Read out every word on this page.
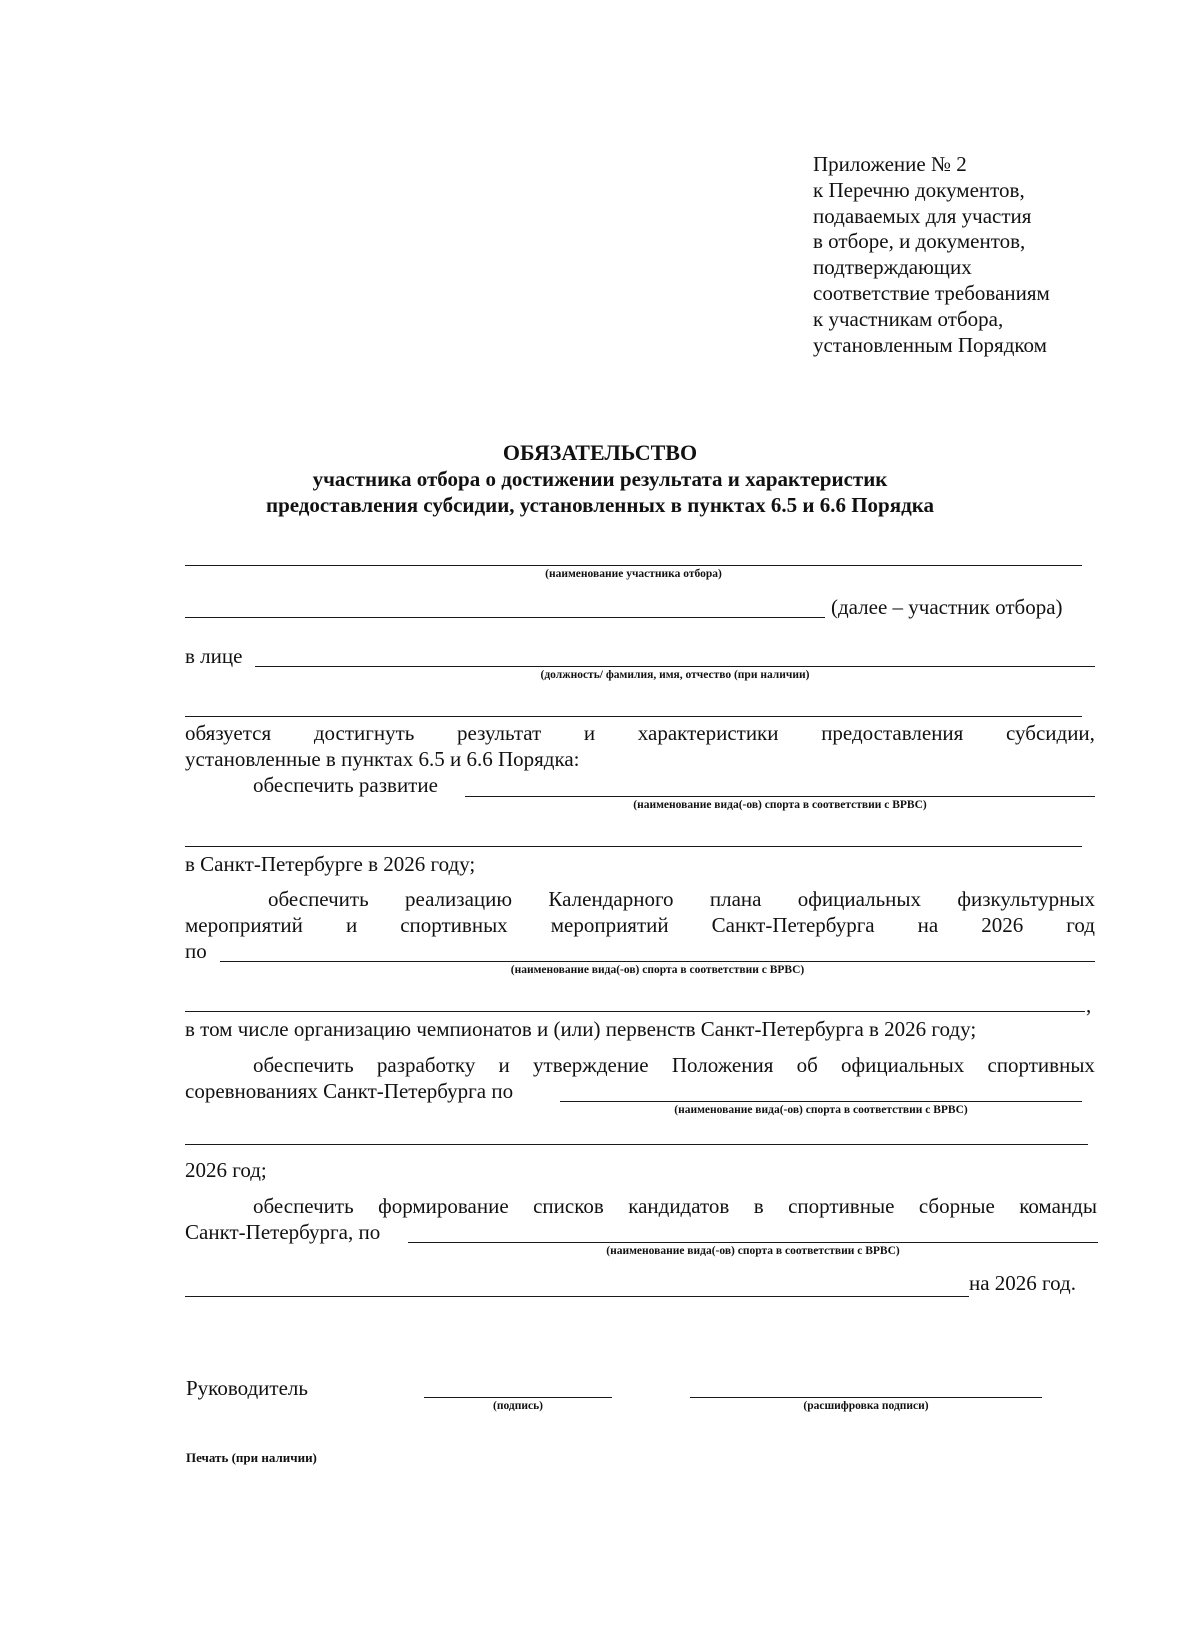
Приложение № 2
к Перечню документов,
подаваемых для участия
в отборе, и документов,
подтверждающих
соответствие требованиям
к участникам отбора,
установленным Порядком
ОБЯЗАТЕЛЬСТВО
участника отбора о достижении результата и характеристик
предоставления субсидии, установленных в пунктах 6.5 и 6.6 Порядка
(наименование участника отбора)
(далее – участник отбора)
в лице
(должность/ фамилия, имя, отчество (при наличии)
обязуется достигнуть результат и характеристики предоставления субсидии,
установленные в пунктах 6.5 и 6.6 Порядка:
обеспечить развитие
(наименование вида(-ов) спорта в соответствии с ВРВС)
в Санкт-Петербурге в 2026 году;
обеспечить реализацию Календарного плана официальных физкультурных
мероприятий и спортивных мероприятий Санкт-Петербурга на 2026 год
по
(наименование вида(-ов) спорта в соответствии с ВРВС)
,
в том числе организацию чемпионатов и (или) первенств Санкт-Петербурга в 2026 году;
обеспечить разработку и утверждение Положения об официальных спортивных
соревнованиях Санкт-Петербурга по
(наименование вида(-ов) спорта в соответствии с ВРВС)
2026 год;
обеспечить формирование списков кандидатов в спортивные сборные команды
Санкт-Петербурга, по
(наименование вида(-ов) спорта в соответствии с ВРВС)
на 2026 год.
Руководитель
(подпись)	(расшифровка подписи)
Печать (при наличии)
